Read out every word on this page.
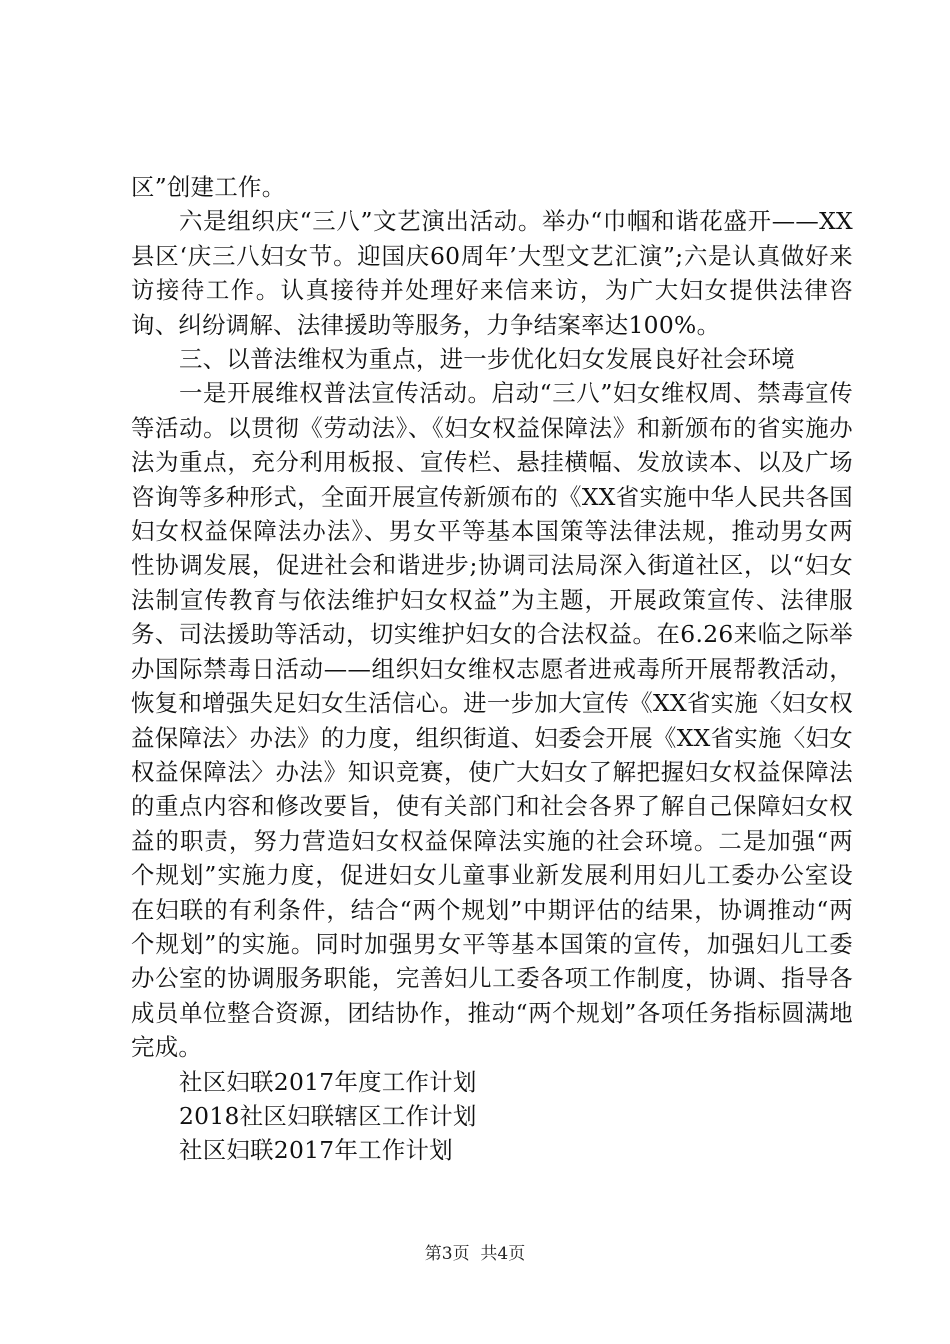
区”创建工作。

六是组织庆“三八”文艺演出活动。举办“巾帼和谐花盛开——XX县区‘庆三八妇女节。迎国庆60周年’大型文艺汇演”;六是认真做好来访接待工作。认真接待并处理好来信来访，为广大妇女提供法律咨询、纠纷调解、法律援助等服务，力争结案率达100%。

三、以普法维权为重点，进一步优化妇女发展良好社会环境

一是开展维权普法宣传活动。启动“三八”妇女维权周、禁毒宣传等活动。以贯彻《劳动法》、《妇女权益保障法》和新颁布的省实施办法为重点，充分利用板报、宣传栏、悬挂横幅、发放读本、以及广场咨询等多种形式，全面开展宣传新颁布的《XX省实施中华人民共各国妇女权益保障法办法》、男女平等基本国策等法律法规，推动男女两性协调发展，促进社会和谐进步;协调司法局深入街道社区，以“妇女法制宣传教育与依法维护妇女权益”为主题，开展政策宣传、法律服务、司法援助等活动，切实维护妇女的合法权益。在6.26来临之际举办国际禁毒日活动——组织妇女维权志愿者进戒毒所开展帮教活动，恢复和增强失足妇女生活信心。进一步加大宣传《XX省实施〈妇女权益保障法〉办法》的力度，组织街道、妇委会开展《XX省实施〈妇女权益保障法〉办法》知识竞赛，使广大妇女了解把握妇女权益保障法的重点内容和修改要旨，使有关部门和社会各界了解自己保障妇女权益的职责，努力营造妇女权益保障法实施的社会环境。二是加强“两个规划”实施力度，促进妇女儿童事业新发展利用妇儿工委办公室设在妇联的有利条件，结合“两个规划”中期评估的结果，协调推动“两个规划”的实施。同时加强男女平等基本国策的宣传，加强妇儿工委办公室的协调服务职能，完善妇儿工委各项工作制度，协调、指导各成员单位整合资源，团结协作，推动“两个规划”各项任务指标圆满地完成。

社区妇联2017年度工作计划
2018社区妇联辖区工作计划
社区妇联2017年工作计划
第3页  共4页
